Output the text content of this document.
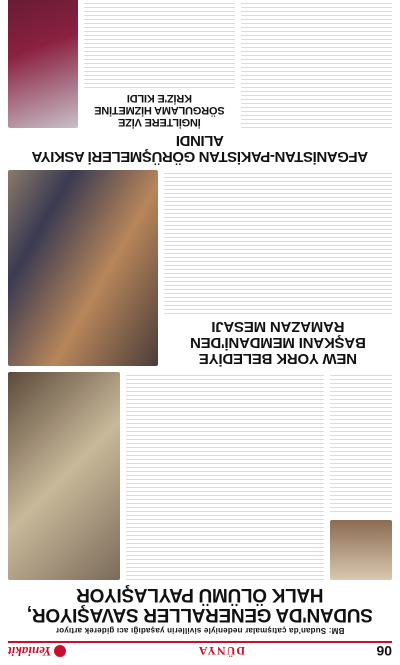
06
DÜNYA
Yeniakit
BM: Sudan'da çatışmalar nedeniyle sivillerin yaşadığı acı giderek artıyor
SUDAN'DA GENERALLER SAVAŞIYOR, HALK ÖLÜMÜ PAYLAŞIYOR
NEW YORK BELEDİYE BAŞKANI MEMDANİ'DEN RAMAZAN MESAJI
AFGANİSTAN-PAKİSTAN GÖRÜŞMELERİ ASKIYA ALINDI
İNGİLTERE VİZE SÖRGULAMA HİZMETİNE KRİZ'E KILDI
